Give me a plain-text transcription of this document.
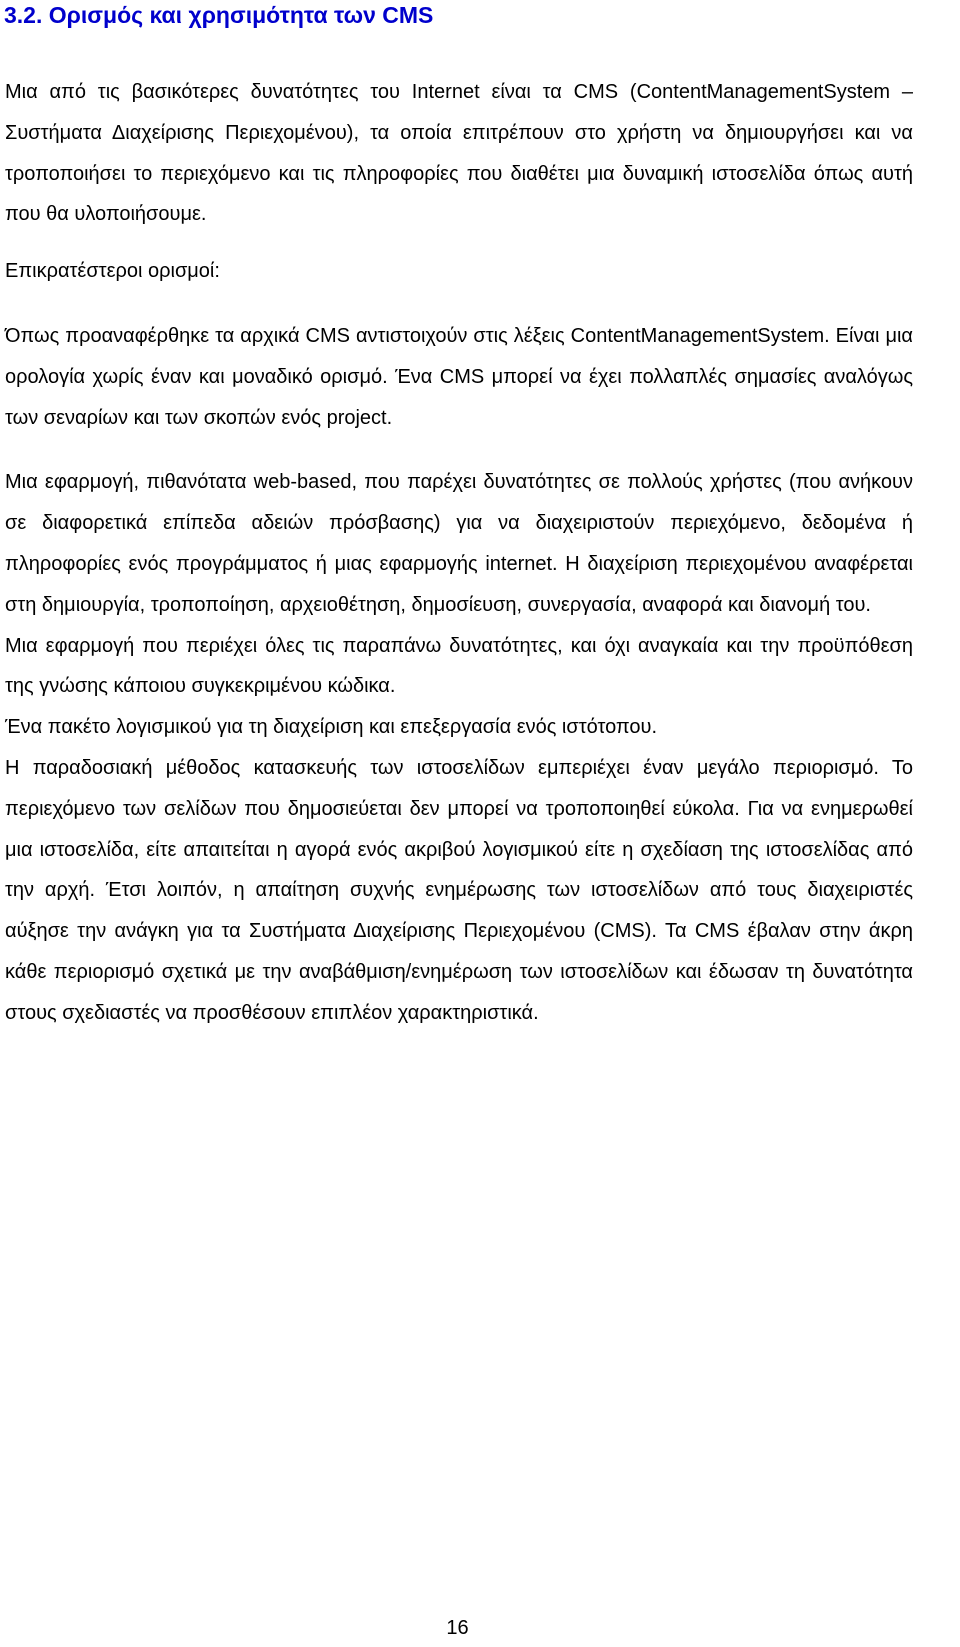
3.2. Ορισμός και χρησιμότητα των CMS

Μια από τις βασικότερες δυνατότητες του Internet είναι τα CMS (ContentManagementSystem – Συστήματα Διαχείρισης Περιεχομένου), τα οποία επιτρέπουν στο χρήστη να δημιουργήσει και να τροποποιήσει το περιεχόμενο και τις πληροφορίες που διαθέτει μια δυναμική ιστοσελίδα όπως αυτή που θα υλοποιήσουμε.

Επικρατέστεροι ορισμοί:

Όπως προαναφέρθηκε τα αρχικά CMS αντιστοιχούν στις λέξεις ContentManagementSystem. Είναι μια ορολογία χωρίς έναν και μοναδικό ορισμό. Ένα CMS μπορεί να έχει πολλαπλές σημασίες αναλόγως των σεναρίων και των σκοπών ενός project.

Μια εφαρμογή, πιθανότατα web-based, που παρέχει δυνατότητες σε πολλούς χρήστες (που ανήκουν σε διαφορετικά επίπεδα αδειών πρόσβασης) για να διαχειριστούν περιεχόμενο, δεδομένα ή πληροφορίες ενός προγράμματος ή μιας εφαρμογής internet. Η διαχείριση περιεχομένου αναφέρεται στη δημιουργία, τροποποίηση, αρχειοθέτηση, δημοσίευση, συνεργασία, αναφορά και διανομή του.

Μια εφαρμογή που περιέχει όλες τις παραπάνω δυνατότητες, και όχι αναγκαία και την προϋπόθεση της γνώσης κάποιου συγκεκριμένου κώδικα.

Ένα πακέτο λογισμικού για τη διαχείριση και επεξεργασία ενός ιστότοπου.

Η παραδοσιακή μέθοδος κατασκευής των ιστοσελίδων εμπεριέχει έναν μεγάλο περιορισμό. Το περιεχόμενο των σελίδων που δημοσιεύεται δεν μπορεί να τροποποιηθεί εύκολα. Για να ενημερωθεί μια ιστοσελίδα, είτε απαιτείται η αγορά ενός ακριβού λογισμικού είτε η σχεδίαση της ιστοσελίδας από την αρχή. Έτσι λοιπόν, η απαίτηση συχνής ενημέρωσης των ιστοσελίδων από τους διαχειριστές αύξησε την ανάγκη για τα Συστήματα Διαχείρισης Περιεχομένου (CMS). Τα CMS έβαλαν στην άκρη κάθε περιορισμό σχετικά με την αναβάθμιση/ενημέρωση των ιστοσελίδων και έδωσαν τη δυνατότητα στους σχεδιαστές να προσθέσουν επιπλέον χαρακτηριστικά.

16
